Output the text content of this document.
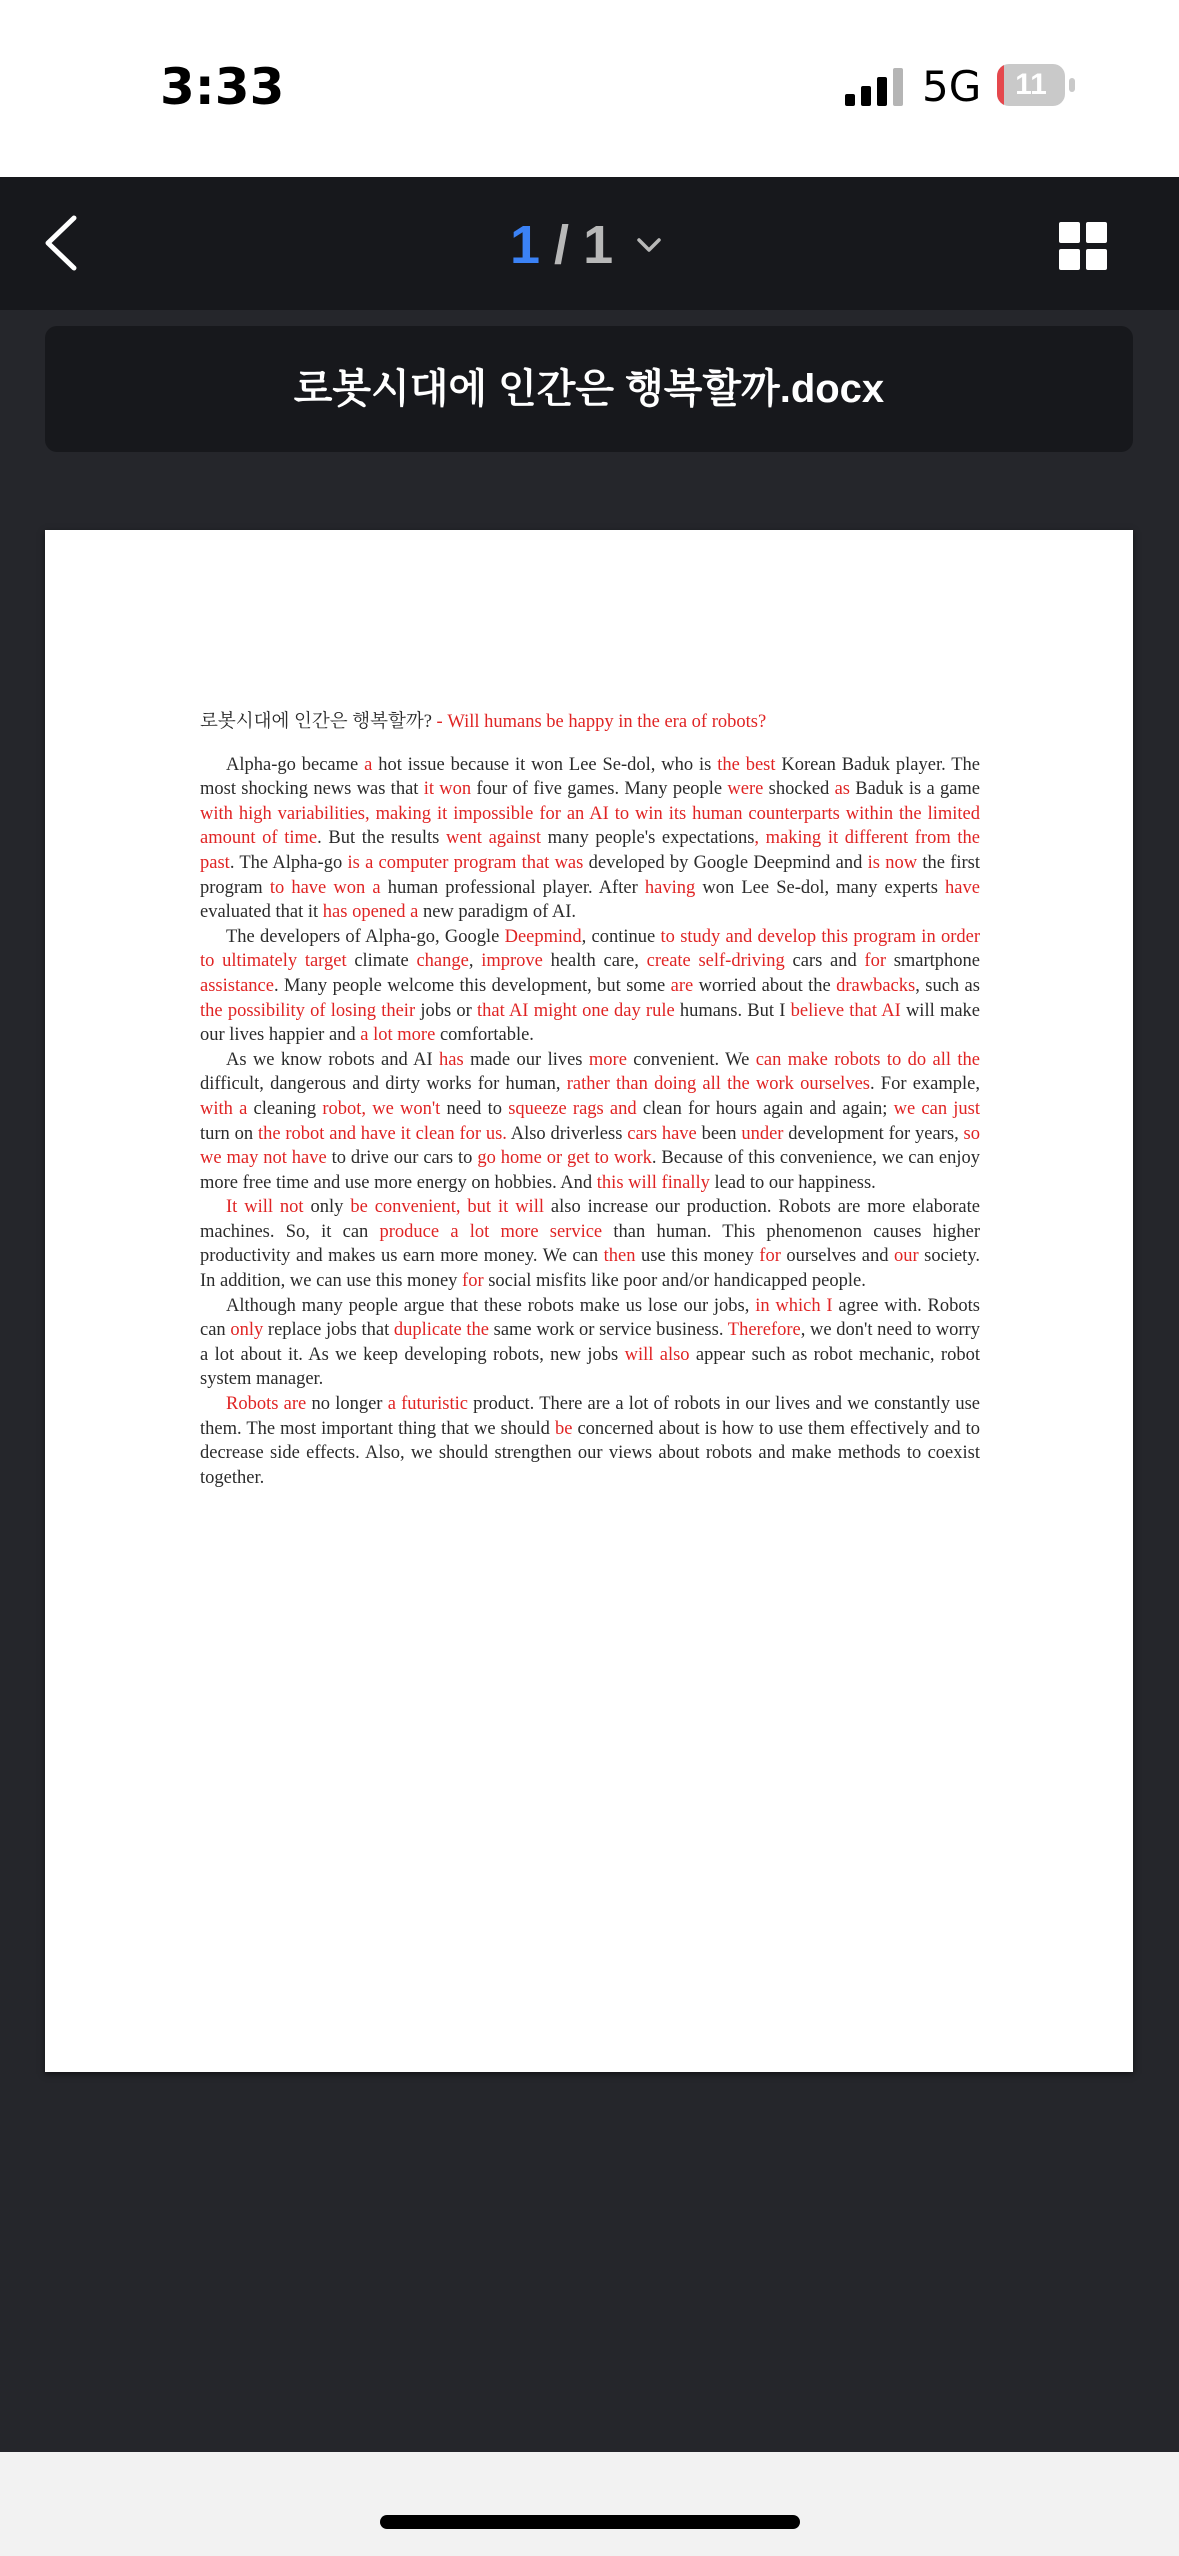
3:33	5G	11
1 / 1
로봇시대에 인간은 행복할까.docx
로봇시대에 인간은 행복할까? - Will humans be happy in the era of robots?

Alpha-go became a hot issue because it won Lee Se-dol, who is the best Korean Baduk player. The most shocking news was that it won four of five games. Many people were shocked as Baduk is a game with high variabilities, making it impossible for an AI to win its human counterparts within the limited amount of time. But the results went against many people's expectations, making it different from the past. The Alpha-go is a computer program that was developed by Google Deepmind and is now the first program to have won a human professional player. After having won Lee Se-dol, many experts have evaluated that it has opened a new paradigm of AI.

The developers of Alpha-go, Google Deepmind, continue to study and develop this program in order to ultimately target climate change, improve health care, create self-driving cars and for smartphone assistance. Many people welcome this development, but some are worried about the drawbacks, such as the possibility of losing their jobs or that AI might one day rule humans. But I believe that AI will make our lives happier and a lot more comfortable.

As we know robots and AI has made our lives more convenient. We can make robots to do all the difficult, dangerous and dirty works for human, rather than doing all the work ourselves. For example, with a cleaning robot, we won't need to squeeze rags and clean for hours again and again; we can just turn on the robot and have it clean for us. Also driverless cars have been under development for years, so we may not have to drive our cars to go home or get to work. Because of this convenience, we can enjoy more free time and use more energy on hobbies. And this will finally lead to our happiness.

It will not only be convenient, but it will also increase our production. Robots are more elaborate machines. So, it can produce a lot more service than human. This phenomenon causes higher productivity and makes us earn more money. We can then use this money for ourselves and our society. In addition, we can use this money for social misfits like poor and/or handicapped people.

Although many people argue that these robots make us lose our jobs, in which I agree with. Robots can only replace jobs that duplicate the same work or service business. Therefore, we don't need to worry a lot about it. As we keep developing robots, new jobs will also appear such as robot mechanic, robot system manager.

Robots are no longer a futuristic product. There are a lot of robots in our lives and we constantly use them. The most important thing that we should be concerned about is how to use them effectively and to decrease side effects. Also, we should strengthen our views about robots and make methods to coexist together.
